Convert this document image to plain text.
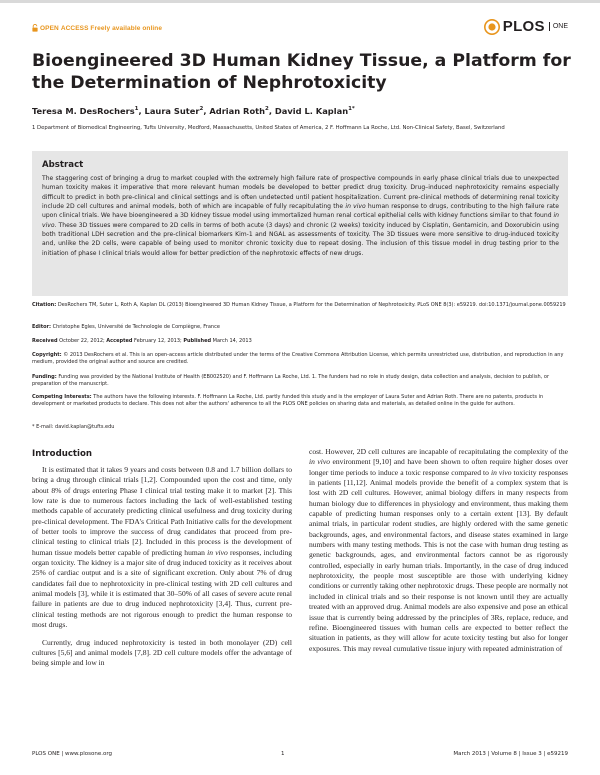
OPEN ACCESS Freely available online	PLOS	ONE
Bioengineered 3D Human Kidney Tissue, a Platform for the Determination of Nephrotoxicity

Teresa M. DesRochers$^1$, Laura Suter$^2$, Adrian Roth$^2$, David L. Kaplan$^{1*}$

1 Department of Biomedical Engineering, Tufts University, Medford, Massachusetts, United States of America, 2 F. Hoffmann La Roche, Ltd. Non-Clinical Safety, Basel, Switzerland

Abstract

The staggering cost of bringing a drug to market coupled with the extremely high failure rate of prospective compounds in early phase clinical trials due to unexpected human toxicity makes it imperative that more relevant human models be developed to better predict drug toxicity. Drug–induced nephrotoxicity remains especially difficult to predict in both pre-clinical and clinical settings and is often undetected until patient hospitalization. Current pre-clinical methods of determining renal toxicity include 2D cell cultures and animal models, both of which are incapable of fully recapitulating the in vivo human response to drugs, contributing to the high failure rate upon clinical trials. We have bioengineered a 3D kidney tissue model using immortalized human renal cortical epithelial cells with kidney functions similar to that found in vivo. These 3D tissues were compared to 2D cells in terms of both acute (3 days) and chronic (2 weeks) toxicity induced by Cisplatin, Gentamicin, and Doxorubicin using both traditional LDH secretion and the pre-clinical biomarkers Kim-1 and NGAL as assessments of toxicity. The 3D tissues were more sensitive to drug-induced toxicity and, unlike the 2D cells, were capable of being used to monitor chronic toxicity due to repeat dosing. The inclusion of this tissue model in drug testing prior to the initiation of phase I clinical trials would allow for better prediction of the nephrotoxic effects of new drugs.

Citation: DesRochers TM, Suter L, Roth A, Kaplan DL (2013) Bioengineered 3D Human Kidney Tissue, a Platform for the Determination of Nephrotoxicity. PLoS ONE 8(3): e59219. doi:10.1371/journal.pone.0059219

Editor: Christophe Egles, Université de Technologie de Compiègne, France

Received October 22, 2012; Accepted February 12, 2013; Published March 14, 2013

Copyright: © 2013 DesRochers et al. This is an open-access article distributed under the terms of the Creative Commons Attribution License, which permits unrestricted use, distribution, and reproduction in any medium, provided the original author and source are credited.

Funding: Funding was provided by the National Institute of Health (EB002520) and F. Hoffmann La Roche, Ltd. 1. The funders had no role in study design, data collection and analysis, decision to publish, or preparation of the manuscript.

Competing Interests: The authors have the following interests. F. Hoffmann La Roche, Ltd. partly funded this study and is the employer of Laura Suter and Adrian Roth. There are no patents, products in development or marketed products to declare. This does not alter the authors' adherence to all the PLOS ONE policies on sharing data and materials, as detailed online in the guide for authors.

* E-mail: david.kaplan@tufts.edu

Introduction

It is estimated that it takes 9 years and costs between 0.8 and 1.7 billion dollars to bring a drug through clinical trials [1,2]. Compounded upon the cost and time, only about 8% of drugs entering Phase I clinical trial testing make it to market [2]. This low rate is due to numerous factors including the lack of well-established testing methods capable of accurately predicting clinical usefulness and drug toxicity during pre-clinical development. The FDA's Critical Path Initiative calls for the development of better tools to improve the success of drug candidates that proceed from pre-clinical testing to clinical trials [2]. Included in this process is the development of human tissue models better capable of predicting human in vivo responses, including organ toxicity. The kidney is a major site of drug induced toxicity as it receives about 25% of cardiac output and is a site of significant excretion. Only about 7% of drug candidates fail due to nephrotoxicity in pre-clinical testing with 2D cell cultures and animal models [3], while it is estimated that 30–50% of all cases of severe acute renal failure in patients are due to drug induced nephrotoxicity [3,4]. Thus, current pre-clinical testing methods are not rigorous enough to predict the human response to most drugs.

Currently, drug induced nephrotoxicity is tested in both monolayer (2D) cell cultures [5,6] and animal models [7,8]. 2D cell culture models offer the advantage of being simple and low in

cost. However, 2D cell cultures are incapable of recapitulating the complexity of the in vivo environment [9,10] and have been shown to often require higher doses over longer time periods to induce a toxic response compared to in vivo toxicity responses in patients [11,12]. Animal models provide the benefit of a complex system that is lost with 2D cell cultures. However, animal biology differs in many respects from human biology due to differences in physiology and environment, thus making them capable of predicting human responses only to a certain extent [13]. By default animal trials, in particular rodent studies, are highly ordered with the same genetic backgrounds, ages, and environmental factors, and disease states examined in large numbers with many testing methods. This is not the case with human drug testing as genetic backgrounds, ages, and environmental factors cannot be as rigorously controlled, especially in early human trials. Importantly, in the case of drug induced nephrotoxicity, the people most susceptible are those with underlying kidney conditions or currently taking other nephrotoxic drugs. These people are normally not included in clinical trials and so their response is not known until they are actually treated with an approved drug. Animal models are also expensive and pose an ethical issue that is currently being addressed by the principles of 3Rs, replace, reduce, and refine. Bioengineered tissues with human cells are expected to better reflect the situation in patients, as they will allow for acute toxicity testing but also for longer exposures. This may reveal cumulative tissue injury with repeated administration of

PLOS ONE | www.plosone.org	1	March 2013 | Volume 8 | Issue 3 | e59219
